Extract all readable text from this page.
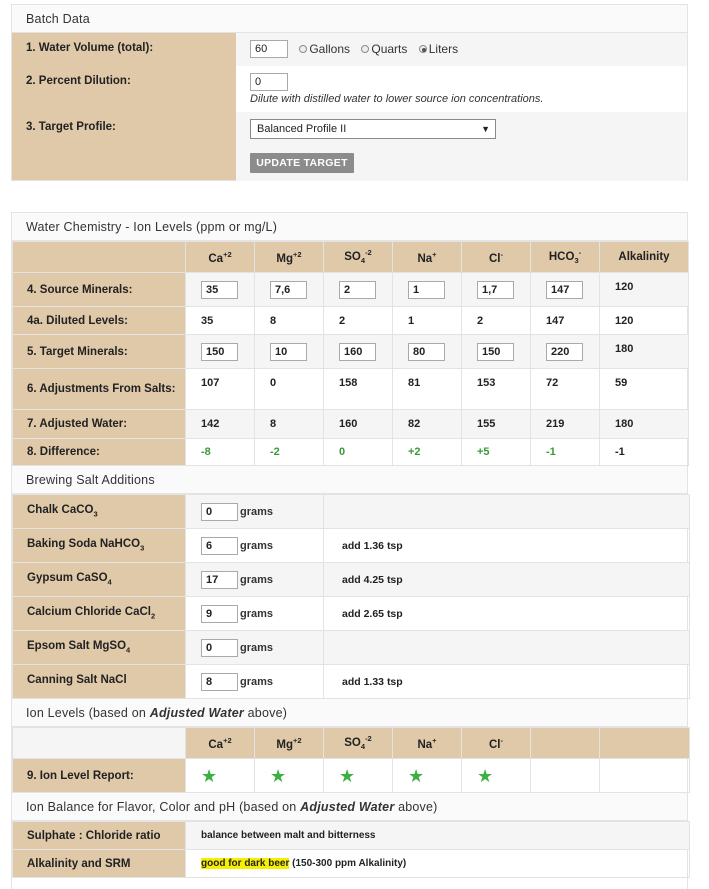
Batch Data
1. Water Volume (total):	60	Gallons Quarts Liters
2. Percent Dilution:	0
Dilute with distilled water to lower source ion concentrations.
3. Target Profile:	Balanced Profile II	▼
UPDATE TARGET
Water Chemistry - Ion Levels (ppm or mg/L)
	$Ca^{+2}$	$Mg^{+2}$	$SO_4^{-2}$	Na+	Cl-	$HCO_3^-$	Alkalinity
4. Source Minerals:	35	7,6	2	1	1,7	147	120
4a. Diluted Levels:	35	8	2	1	2	147	120
5. Target Minerals:	150	10	160	80	150	220	180
6. Adjustments From Salts:	107	0	158	81	153	72	59
7. Adjusted Water:	142	8	160	82	155	219	180
8. Difference:	-8	-2	0	+2	+5	-1	-1
Brewing Salt Additions
Chalk CaCO$_3$	0 grams	
Baking Soda NaHCO$_3$	6 grams	add 1.36 tsp
Gypsum CaSO$_4$	17 grams	add 4.25 tsp
Calcium Chloride CaCl$_2$	9 grams	add 2.65 tsp
Epsom Salt MgSO$_4$	0 grams	
Canning Salt NaCl	8 grams	add 1.33 tsp
Ion Levels (based on Adjusted Water above)
	$Ca^{+2}$	$Mg^{+2}$	$SO_4^{-2}$	Na+	Cl-		
9. Ion Level Report:	★	★	★	★	★		
Ion Balance for Flavor, Color and pH (based on Adjusted Water above)
Sulphate : Chloride ratio	balance between malt and bitterness
Alkalinity and SRM	good for dark beer (150-300 ppm Alkalinity)
